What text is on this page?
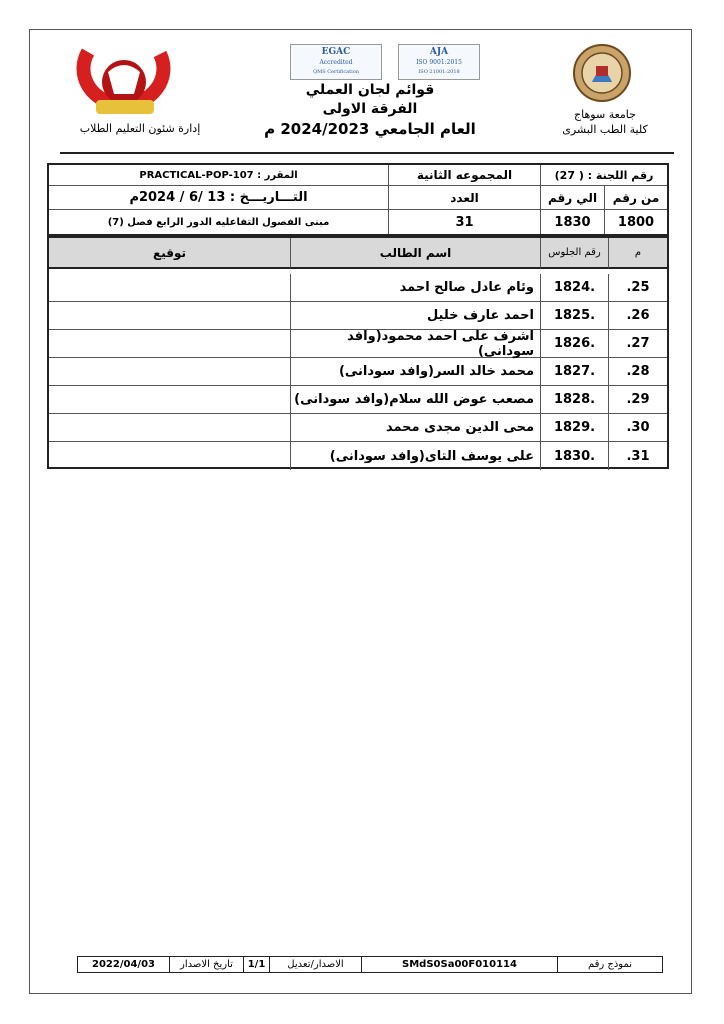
EGAC
Accredited
QMS Certification
AJA
ISO 9001:2015
ISO 21001:2018
قوائم لجان العملي
الفرقة الاولى
العام الجامعي 2024/2023 م
جامعة سوهاج
كلية الطب البشرى
إدارة شئون التعليم الطلاب
المقرر : PRACTICAL-POP-107	المجموعه الثانية	رقم اللجنة : ( 27)
التـــاريـــخ : 13 /6 / 2024م	العدد	الي رقم	من رقم
مبنى الفصول التفاعليه الدور الرابع فصل (7)	31	1830	1800
توقيع	اسم الطالب	رقم الجلوس	م
وئام عادل صالح احمد	1824.	.25
احمد عارف خليل	1825.	.26
اشرف على احمد محمود(وافد سودانى)	1826.	.27
محمد خالد السر(وافد سودانى)	1827.	.28
مصعب عوض الله سلام(وافد سودانى)	1828.	.29
محى الدين مجدى محمد	1829.	.30
على يوسف التاى(وافد سودانى)	1830.	.31
2022/04/03	تاريخ الاصدار	1/1	الاصدار/تعديل	SMdS0Sa00F010114	نموذج رقم
